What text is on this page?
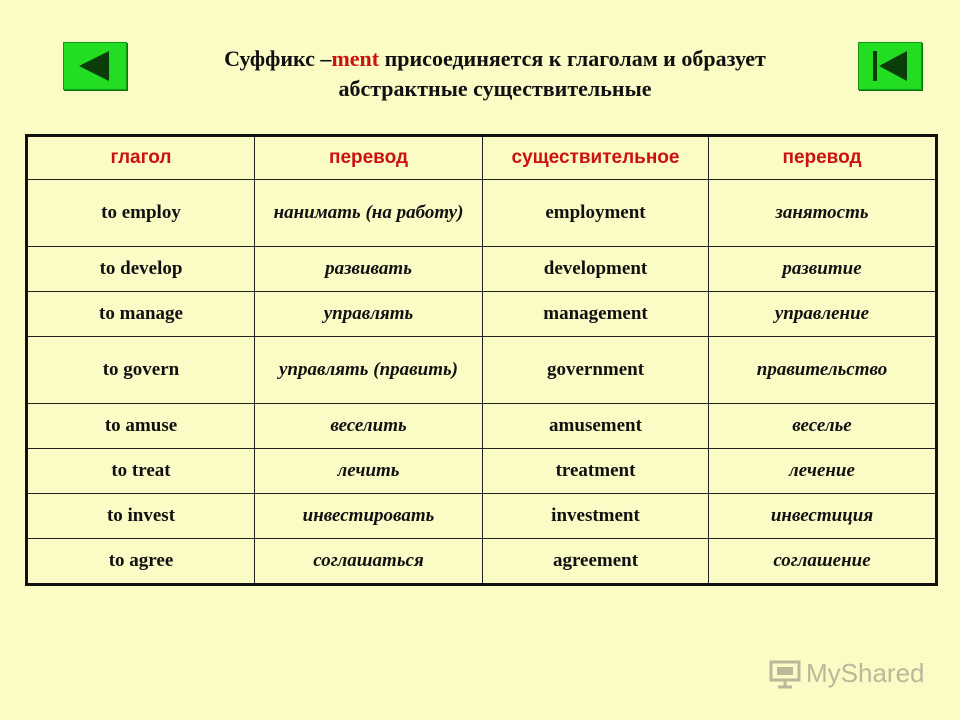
Суффикс –ment присоединяется к глаголам и образует
абстрактные существительные
глагол	перевод	существительное	перевод
to employ	нанимать (на работу)	employment	занятость
to develop	развивать	development	развитие
to manage	управлять	management	управление
to govern	управлять (править)	government	правительство
to amuse	веселить	amusement	веселье
to treat	лечить	treatment	лечение
to invest	инвестировать	investment	инвестиция
to agree	соглашаться	agreement	соглашение
MyShared
